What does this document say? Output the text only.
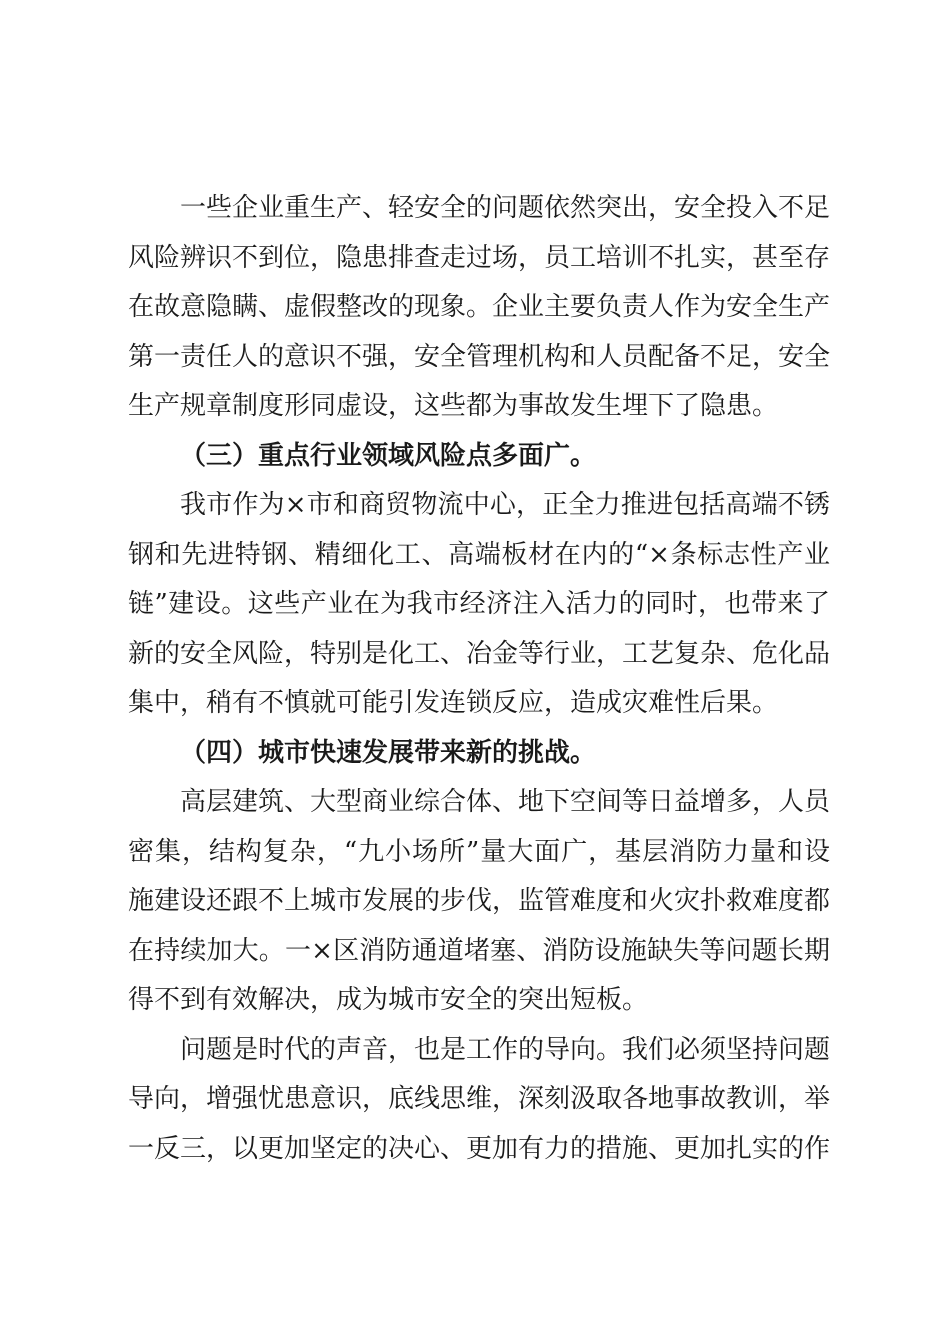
一些企业重生产、轻安全的问题依然突出，安全投入不足
风险辨识不到位，隐患排查走过场，员工培训不扎实，甚至存
在故意隐瞒、虚假整改的现象。企业主要负责人作为安全生产
第一责任人的意识不强，安全管理机构和人员配备不足，安全
生产规章制度形同虚设，这些都为事故发生埋下了隐患。
（三）重点行业领域风险点多面广。
我市作为×市和商贸物流中心，正全力推进包括高端不锈
钢和先进特钢、精细化工、高端板材在内的“×条标志性产业
链”建设。这些产业在为我市经济注入活力的同时，也带来了
新的安全风险，特别是化工、冶金等行业，工艺复杂、危化品
集中，稍有不慎就可能引发连锁反应，造成灾难性后果。
（四）城市快速发展带来新的挑战。
高层建筑、大型商业综合体、地下空间等日益增多，人员
密集，结构复杂，“九小场所”量大面广，基层消防力量和设
施建设还跟不上城市发展的步伐，监管难度和火灾扑救难度都
在持续加大。一×区消防通道堵塞、消防设施缺失等问题长期
得不到有效解决，成为城市安全的突出短板。
问题是时代的声音，也是工作的导向。我们必须坚持问题
导向，增强忧患意识，底线思维，深刻汲取各地事故教训，举
一反三，以更加坚定的决心、更加有力的措施、更加扎实的作
